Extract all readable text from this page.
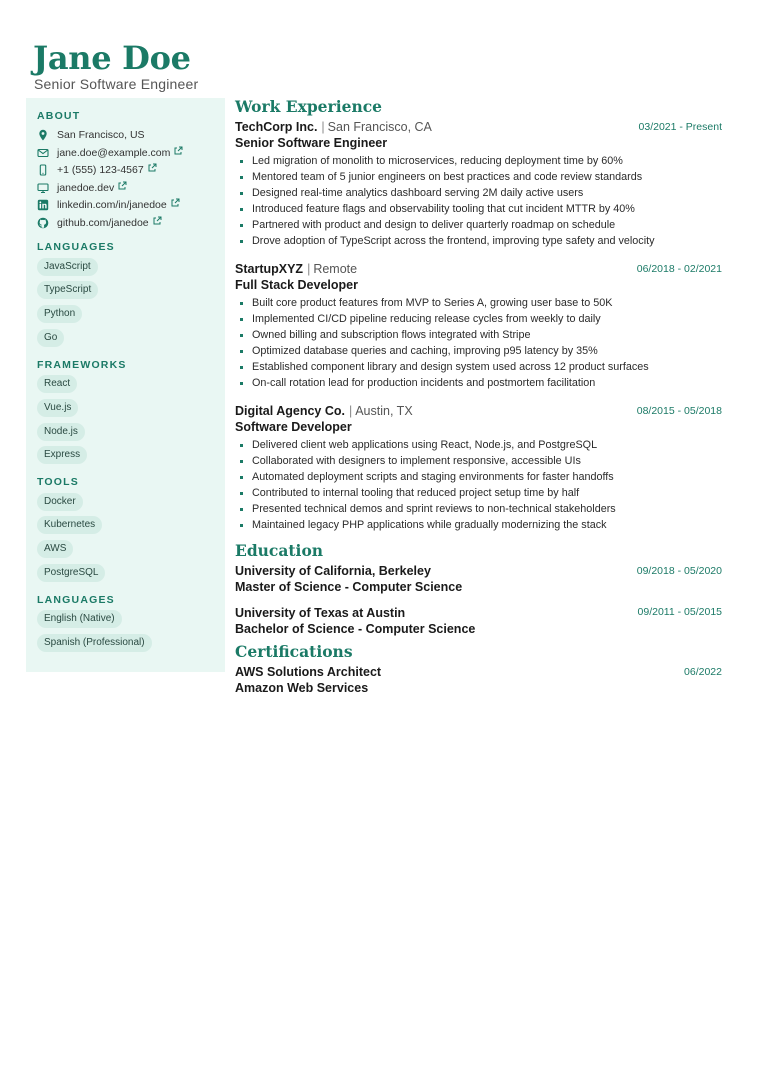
Jane Doe
Senior Software Engineer
ABOUT
San Francisco, US
jane.doe@example.com
+1 (555) 123-4567
janedoe.dev
linkedin.com/in/janedoe
github.com/janedoe
LANGUAGES
JavaScript
TypeScript
Python
Go
FRAMEWORKS
React
Vue.js
Node.js
Express
TOOLS
Docker
Kubernetes
AWS
PostgreSQL
LANGUAGES
English (Native)
Spanish (Professional)
Work Experience
TechCorp Inc. | San Francisco, CA	03/2021 - Present
Senior Software Engineer
Led migration of monolith to microservices, reducing deployment time by 60%
Mentored team of 5 junior engineers on best practices and code review standards
Designed real-time analytics dashboard serving 2M daily active users
Introduced feature flags and observability tooling that cut incident MTTR by 40%
Partnered with product and design to deliver quarterly roadmap on schedule
Drove adoption of TypeScript across the frontend, improving type safety and velocity
StartupXYZ | Remote	06/2018 - 02/2021
Full Stack Developer
Built core product features from MVP to Series A, growing user base to 50K
Implemented CI/CD pipeline reducing release cycles from weekly to daily
Owned billing and subscription flows integrated with Stripe
Optimized database queries and caching, improving p95 latency by 35%
Established component library and design system used across 12 product surfaces
On-call rotation lead for production incidents and postmortem facilitation
Digital Agency Co. | Austin, TX	08/2015 - 05/2018
Software Developer
Delivered client web applications using React, Node.js, and PostgreSQL
Collaborated with designers to implement responsive, accessible UIs
Automated deployment scripts and staging environments for faster handoffs
Contributed to internal tooling that reduced project setup time by half
Presented technical demos and sprint reviews to non-technical stakeholders
Maintained legacy PHP applications while gradually modernizing the stack
Education
University of California, Berkeley	09/2018 - 05/2020
Master of Science - Computer Science
University of Texas at Austin	09/2011 - 05/2015
Bachelor of Science - Computer Science
Certifications
AWS Solutions Architect	06/2022
Amazon Web Services
